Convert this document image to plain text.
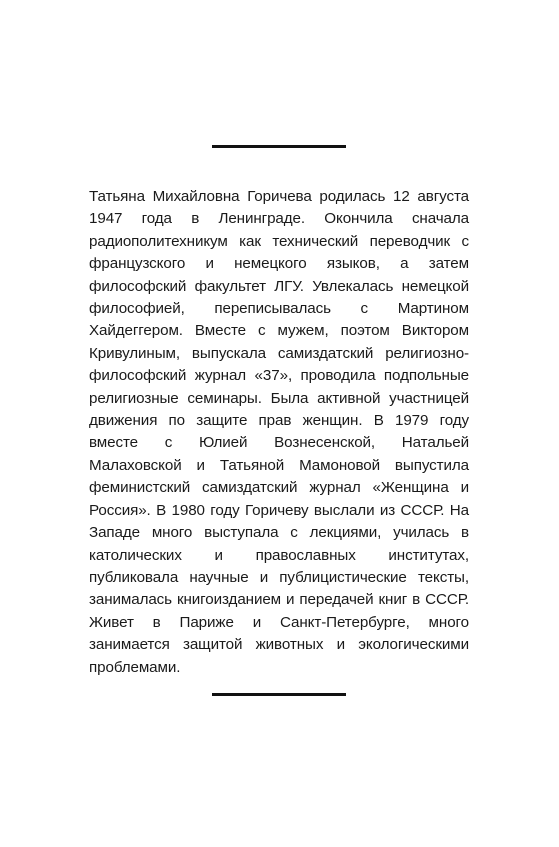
Татьяна Михайловна Горичева родилась 12 августа 1947 года в Ленинграде. Окончила сначала радиополитехникум как технический переводчик с французского и немецкого языков, а затем философский факультет ЛГУ. Увлекалась немецкой философией, переписывалась с Мартином Хайдеггером. Вместе с мужем, поэтом Виктором Кривулиным, выпускала самиздатский религиозно-философский журнал «37», проводила подпольные религиозные семинары. Была активной участницей движения по защите прав женщин. В 1979 году вместе с Юлией Вознесенской, Натальей Малаховской и Татьяной Мамоновой выпустила феминистский самиздатский журнал «Женщина и Россия». В 1980 году Горичеву выслали из СССР. На Западе много выступала с лекциями, училась в католических и православных институтах, публиковала научные и публицистические тексты, занималась книгоизданием и передачей книг в СССР. Живет в Париже и Санкт-Петербурге, много занимается защитой животных и экологическими проблемами.
